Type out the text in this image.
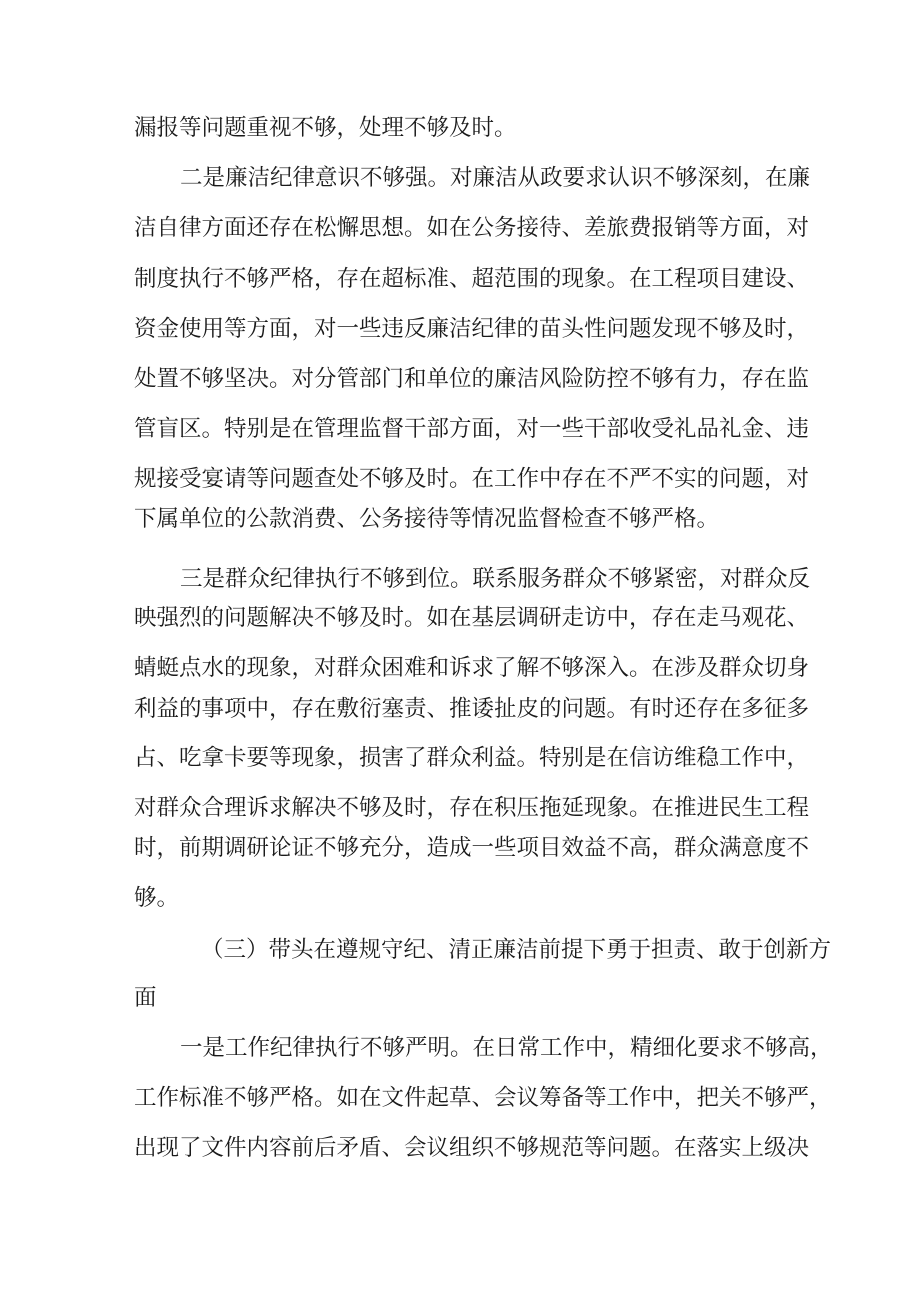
漏报等问题重视不够，处理不够及时。
二是廉洁纪律意识不够强。对廉洁从政要求认识不够深刻，在廉
洁自律方面还存在松懈思想。如在公务接待、差旅费报销等方面，对
制度执行不够严格，存在超标准、超范围的现象。在工程项目建设、
资金使用等方面，对一些违反廉洁纪律的苗头性问题发现不够及时，
处置不够坚决。对分管部门和单位的廉洁风险防控不够有力，存在监
管盲区。特别是在管理监督干部方面，对一些干部收受礼品礼金、违
规接受宴请等问题查处不够及时。在工作中存在不严不实的问题，对
下属单位的公款消费、公务接待等情况监督检查不够严格。
三是群众纪律执行不够到位。联系服务群众不够紧密，对群众反
映强烈的问题解决不够及时。如在基层调研走访中，存在走马观花、
蜻蜓点水的现象，对群众困难和诉求了解不够深入。在涉及群众切身
利益的事项中，存在敷衍塞责、推诿扯皮的问题。有时还存在多征多
占、吃拿卡要等现象，损害了群众利益。特别是在信访维稳工作中，
对群众合理诉求解决不够及时，存在积压拖延现象。在推进民生工程
时，前期调研论证不够充分，造成一些项目效益不高，群众满意度不
够。
（三）带头在遵规守纪、清正廉洁前提下勇于担责、敢于创新方
面
一是工作纪律执行不够严明。在日常工作中，精细化要求不够高，
工作标准不够严格。如在文件起草、会议筹备等工作中，把关不够严，
出现了文件内容前后矛盾、会议组织不够规范等问题。在落实上级决
